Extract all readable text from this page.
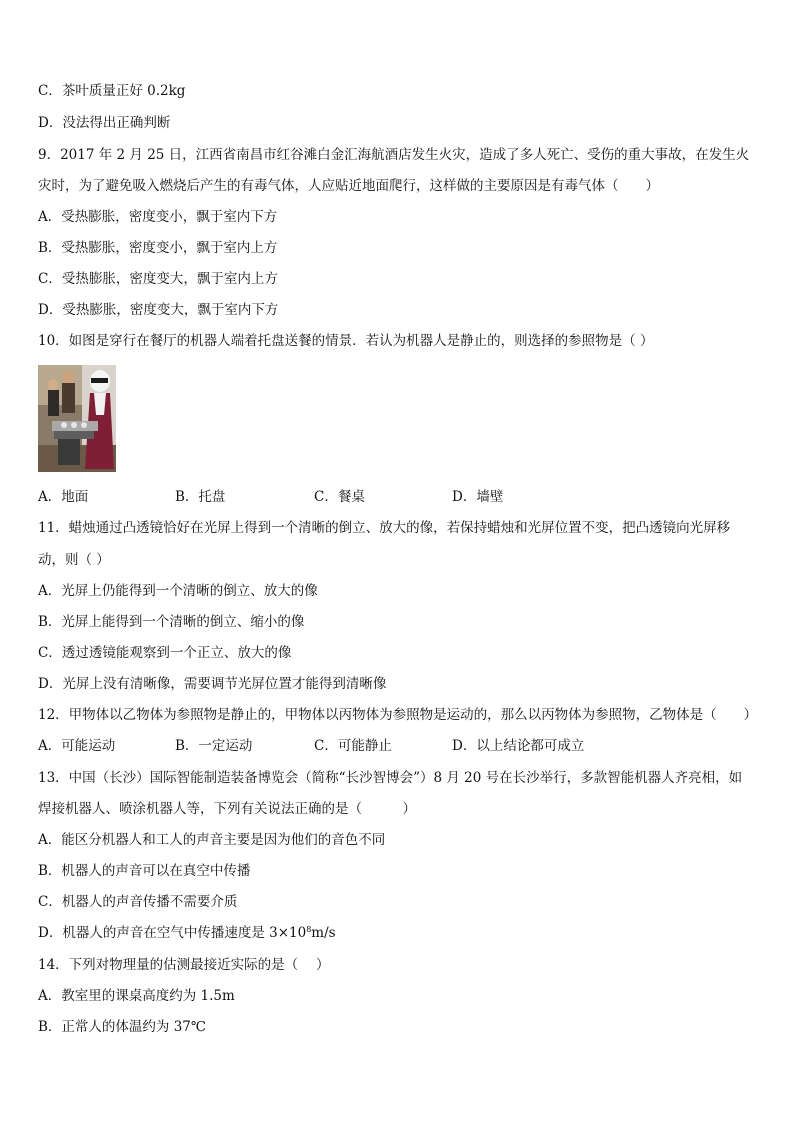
C．茶叶质量正好 0.2kg
D．没法得出正确判断
9．2017 年 2 月 25 日，江西省南昌市红谷滩白金汇海航酒店发生火灾，造成了多人死亡、受伤的重大事故，在发生火
灾时，为了避免吸入燃烧后产生的有毒气体，人应贴近地面爬行，这样做的主要原因是有毒气体（　　）
A．受热膨胀，密度变小，飘于室内下方
B．受热膨胀，密度变小，飘于室内上方
C．受热膨胀，密度变大，飘于室内上方
D．受热膨胀，密度变大，飘于室内下方
10．如图是穿行在餐厅的机器人端着托盘送餐的情景．若认为机器人是静止的，则选择的参照物是（ ）
A．地面	B．托盘	C．餐桌	D．墙壁
11．蜡烛通过凸透镜恰好在光屏上得到一个清晰的倒立、放大的像，若保持蜡烛和光屏位置不变，把凸透镜向光屏移
动，则（ ）
A．光屏上仍能得到一个清晰的倒立、放大的像
B．光屏上能得到一个清晰的倒立、缩小的像
C．透过透镜能观察到一个正立、放大的像
D．光屏上没有清晰像，需要调节光屏位置才能得到清晰像
12．甲物体以乙物体为参照物是静止的，甲物体以丙物体为参照物是运动的，那么以丙物体为参照物，乙物体是（　　）
A．可能运动	B．一定运动	C．可能静止	D．以上结论都可成立
13．中国（长沙）国际智能制造装备博览会（简称“长沙智博会”）8 月 20 号在长沙举行，多款智能机器人齐亮相，如
焊接机器人、喷涂机器人等，下列有关说法正确的是（　　　）
A．能区分机器人和工人的声音主要是因为他们的音色不同
B．机器人的声音可以在真空中传播
C．机器人的声音传播不需要介质
D．机器人的声音在空气中传播速度是 $3\times 10^8m/s$
14．下列对物理量的估测最接近实际的是（　 ）
A．教室里的课桌高度约为 1.5m
B．正常人的体温约为 37℃
